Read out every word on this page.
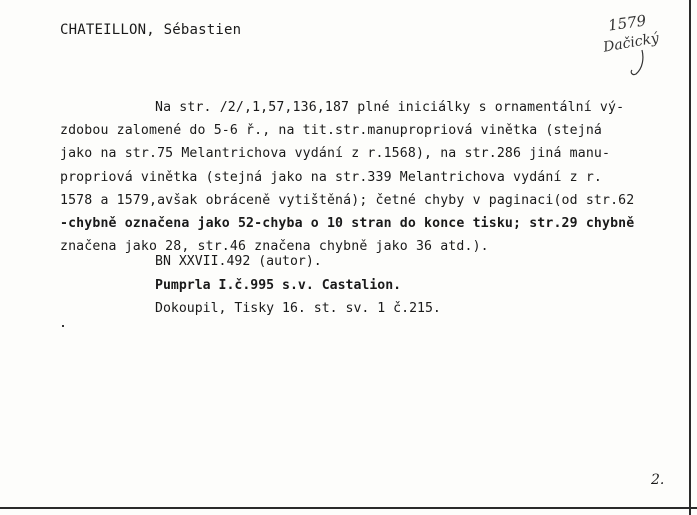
CHATEILLON, Sébastien	1579
Dačický
Na str. /2/,1,57,136,187 plné iniciálky s ornamentální vý-
zdobou zalomené do 5-6 ř., na tit.str.manupropriová vinětka (stejná
jako na str.75 Melantrichova vydání z r.1568), na str.286 jiná manu-
propriová vinětka (stejná jako na str.339 Melantrichova vydání z r.
1578 a 1579,avšak obráceně vytištěná); četné chyby v paginaci(od str.62
-chybně označena jako 52-chyba o 10 stran do konce tisku; str.29 chybně
značena jako 28, str.46 značena chybně jako 36 atd.).
BN XXVII.492 (autor).
Pumprla I.č.995 s.v. Castalion.
Dokoupil, Tisky 16. st. sv. 1 č.215.
2.
